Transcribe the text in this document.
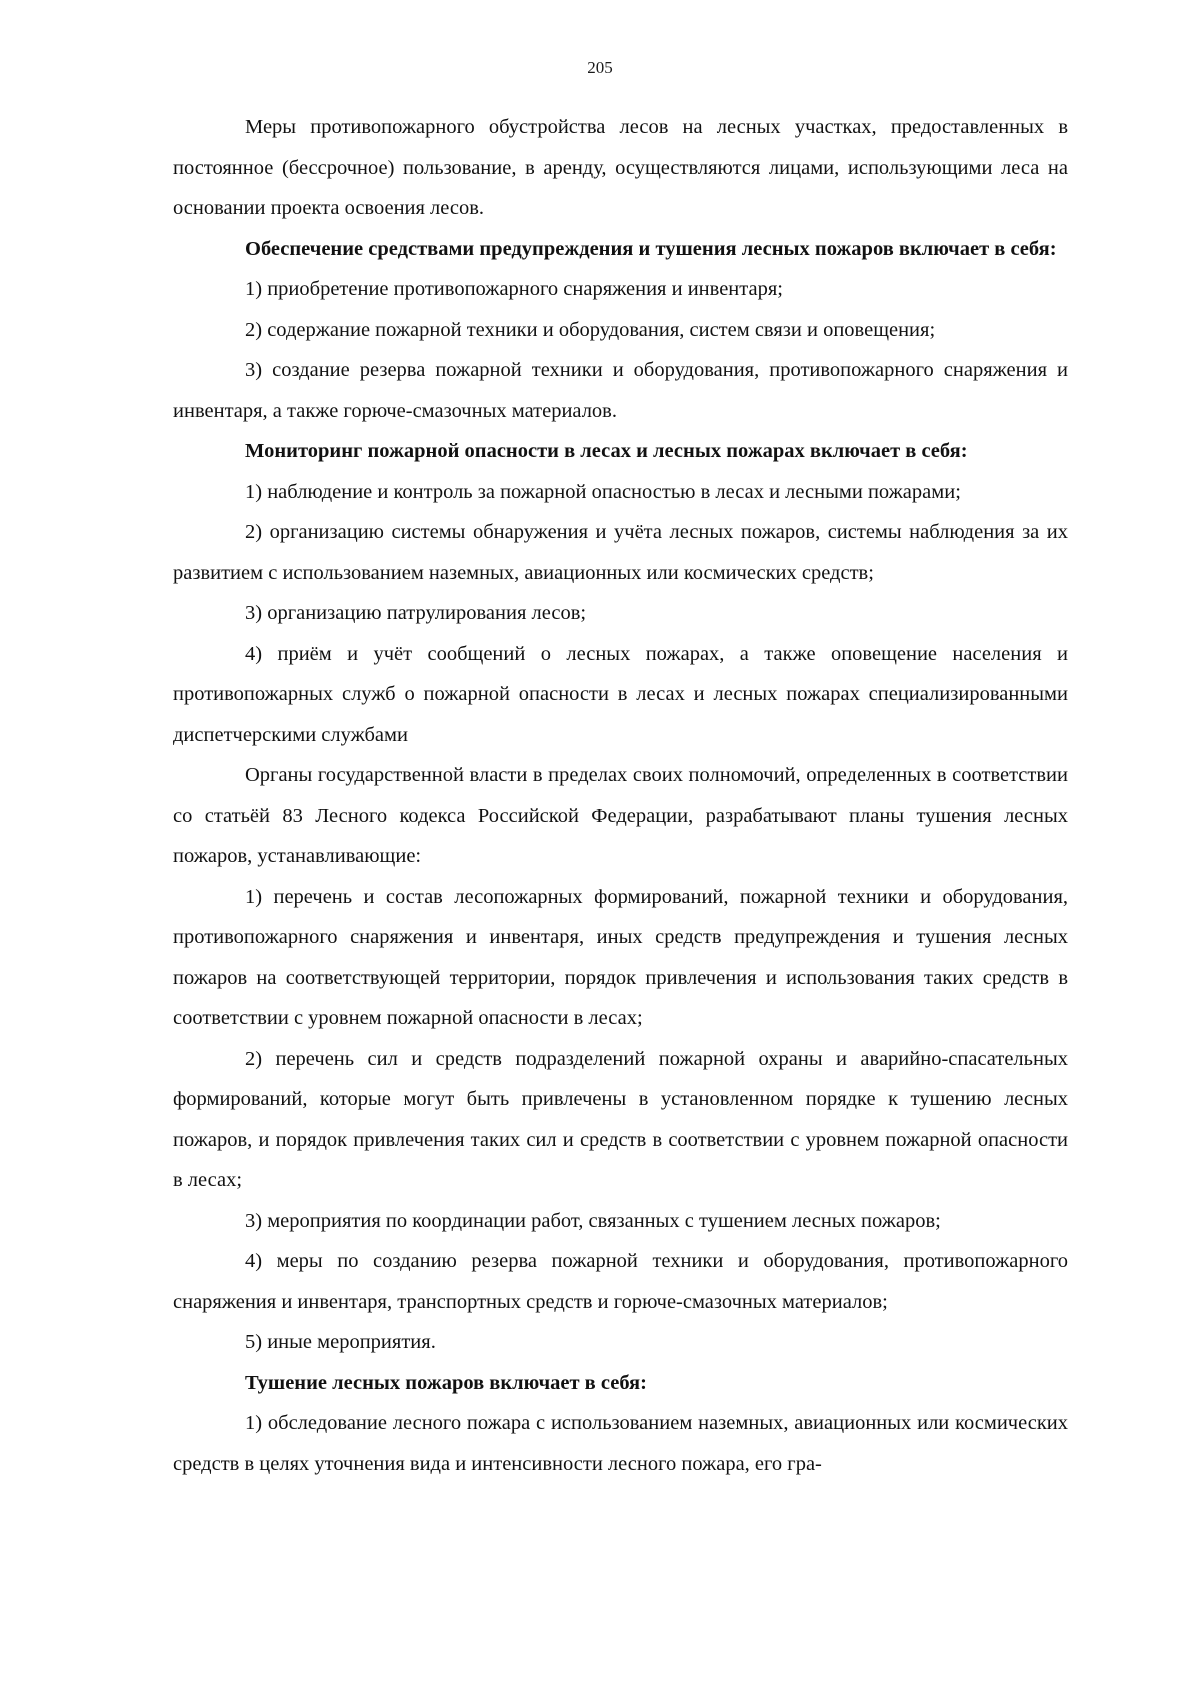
205

Меры противопожарного обустройства лесов на лесных участках, предоставленных в постоянное (бессрочное) пользование, в аренду, осуществляются лицами, использующими леса на основании проекта освоения лесов.

Обеспечение средствами предупреждения и тушения лесных пожаров включает в себя:

1) приобретение противопожарного снаряжения и инвентаря;

2) содержание пожарной техники и оборудования, систем связи и оповещения;

3) создание резерва пожарной техники и оборудования, противопожарного снаряжения и инвентаря, а также горюче-смазочных материалов.

Мониторинг пожарной опасности в лесах и лесных пожарах включает в себя:

1) наблюдение и контроль за пожарной опасностью в лесах и лесными пожарами;

2) организацию системы обнаружения и учёта лесных пожаров, системы наблюдения за их развитием с использованием наземных, авиационных или космических средств;

3) организацию патрулирования лесов;

4) приём и учёт сообщений о лесных пожарах, а также оповещение населения и противопожарных служб о пожарной опасности в лесах и лесных пожарах специализированными диспетчерскими службами

Органы государственной власти в пределах своих полномочий, определенных в соответствии со статьёй 83 Лесного кодекса Российской Федерации, разрабатывают планы тушения лесных пожаров, устанавливающие:

1) перечень и состав лесопожарных формирований, пожарной техники и оборудования, противопожарного снаряжения и инвентаря, иных средств предупреждения и тушения лесных пожаров на соответствующей территории, порядок привлечения и использования таких средств в соответствии с уровнем пожарной опасности в лесах;

2) перечень сил и средств подразделений пожарной охраны и аварийно-спасательных формирований, которые могут быть привлечены в установленном порядке к тушению лесных пожаров, и порядок привлечения таких сил и средств в соответствии с уровнем пожарной опасности в лесах;

3) мероприятия по координации работ, связанных с тушением лесных пожаров;

4) меры по созданию резерва пожарной техники и оборудования, противопожарного снаряжения и инвентаря, транспортных средств и горюче-смазочных материалов;

5) иные мероприятия.

Тушение лесных пожаров включает в себя:

1) обследование лесного пожара с использованием наземных, авиационных или космических средств в целях уточнения вида и интенсивности лесного пожара, его гра-
